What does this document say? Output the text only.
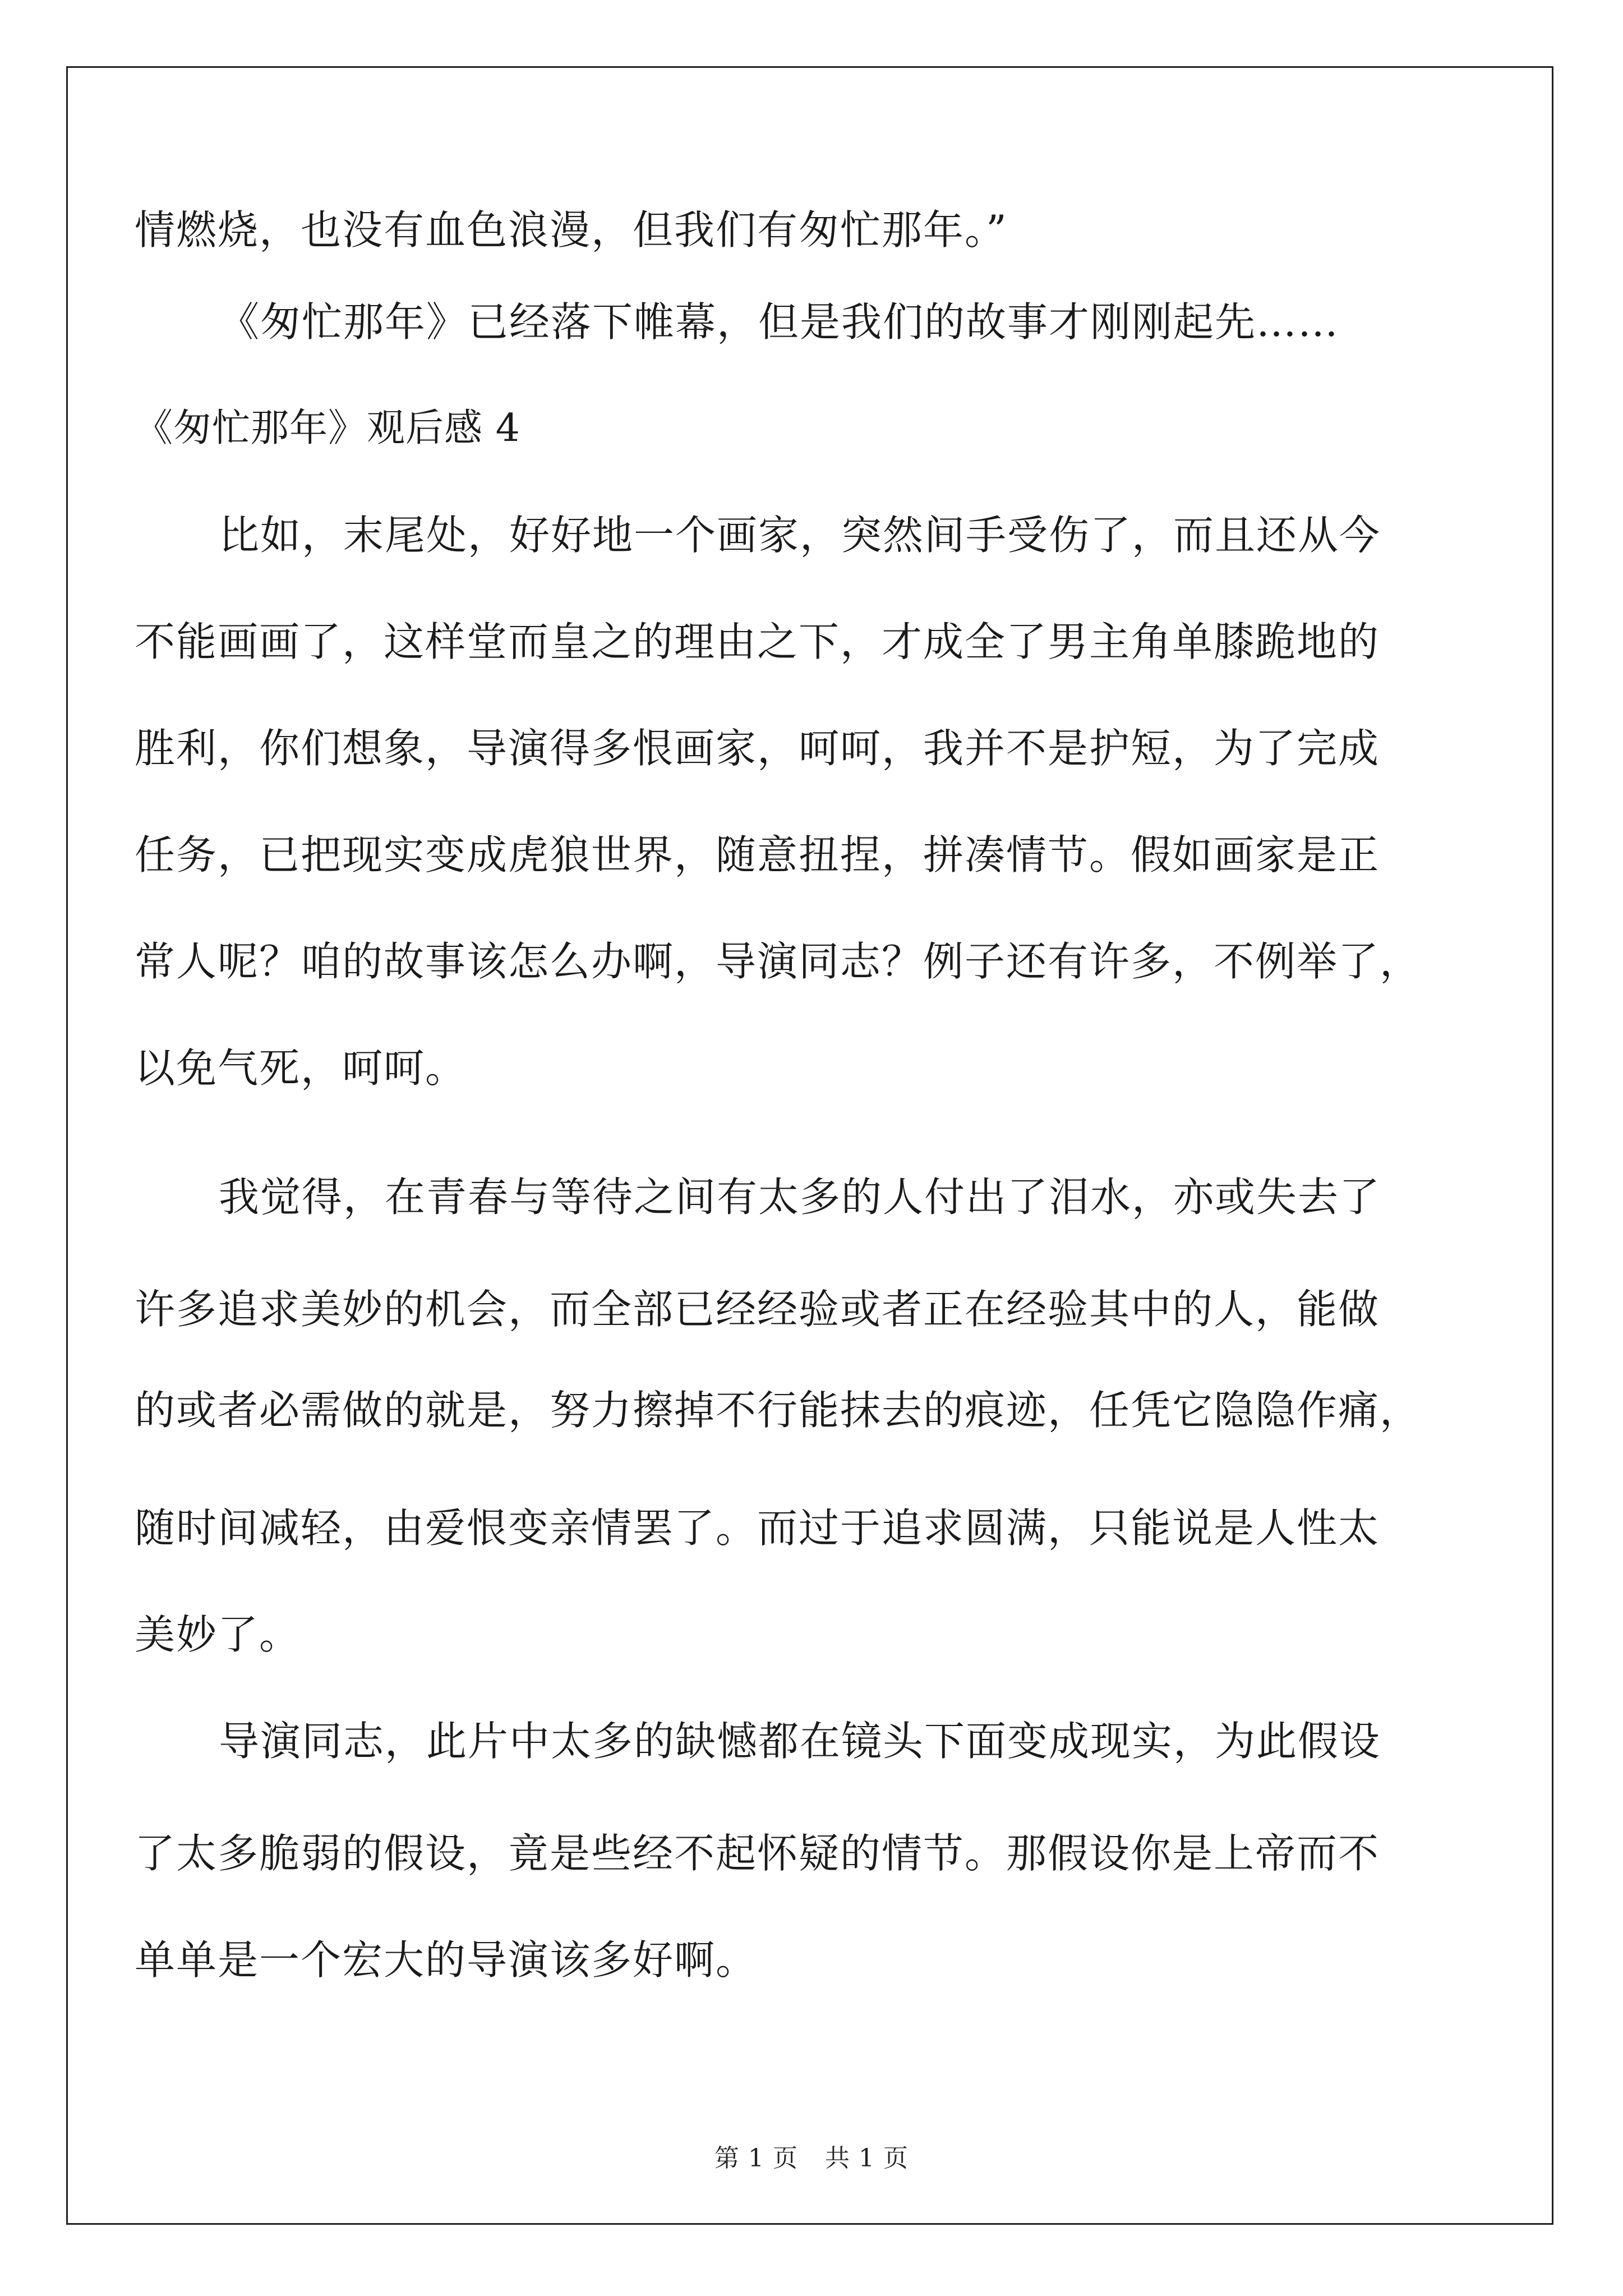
情燃烧，也没有血色浪漫，但我们有匆忙那年。”
《匆忙那年》已经落下帷幕，但是我们的故事才刚刚起先……
《匆忙那年》观后感 4
比如，末尾处，好好地一个画家，突然间手受伤了，而且还从今
不能画画了，这样堂而皇之的理由之下，才成全了男主角单膝跪地的
胜利，你们想象，导演得多恨画家，呵呵，我并不是护短，为了完成
任务，已把现实变成虎狼世界，随意扭捏，拼凑情节。假如画家是正
常人呢？咱的故事该怎么办啊，导演同志？例子还有许多，不例举了，
以免气死，呵呵。
我觉得，在青春与等待之间有太多的人付出了泪水，亦或失去了
许多追求美妙的机会，而全部已经经验或者正在经验其中的人，能做
的或者必需做的就是，努力擦掉不行能抹去的痕迹，任凭它隐隐作痛，
随时间减轻，由爱恨变亲情罢了。而过于追求圆满，只能说是人性太
美妙了。
导演同志，此片中太多的缺憾都在镜头下面变成现实，为此假设
了太多脆弱的假设，竟是些经不起怀疑的情节。那假设你是上帝而不
单单是一个宏大的导演该多好啊。
第 1 页 共 1 页
